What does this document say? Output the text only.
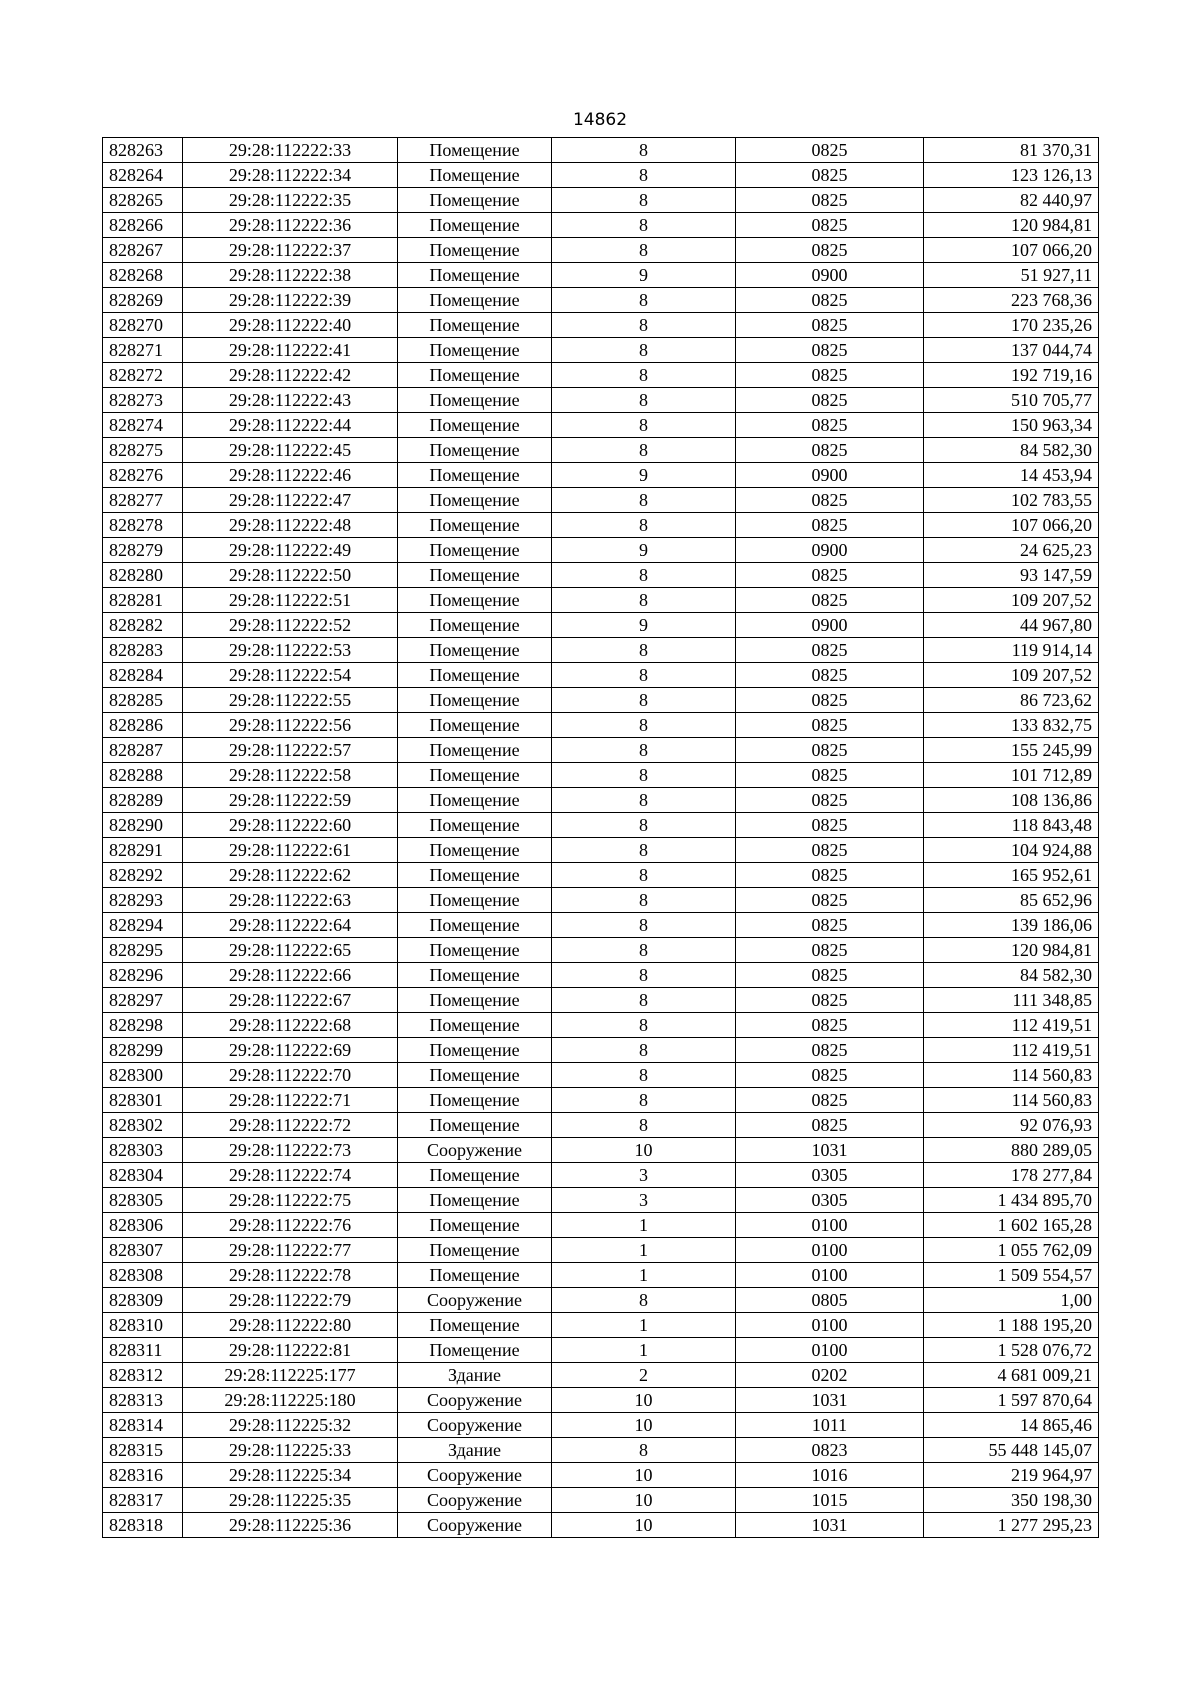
14862
828263	29:28:112222:33	Помещение	8	0825	81 370,31
828264	29:28:112222:34	Помещение	8	0825	123 126,13
828265	29:28:112222:35	Помещение	8	0825	82 440,97
828266	29:28:112222:36	Помещение	8	0825	120 984,81
828267	29:28:112222:37	Помещение	8	0825	107 066,20
828268	29:28:112222:38	Помещение	9	0900	51 927,11
828269	29:28:112222:39	Помещение	8	0825	223 768,36
828270	29:28:112222:40	Помещение	8	0825	170 235,26
828271	29:28:112222:41	Помещение	8	0825	137 044,74
828272	29:28:112222:42	Помещение	8	0825	192 719,16
828273	29:28:112222:43	Помещение	8	0825	510 705,77
828274	29:28:112222:44	Помещение	8	0825	150 963,34
828275	29:28:112222:45	Помещение	8	0825	84 582,30
828276	29:28:112222:46	Помещение	9	0900	14 453,94
828277	29:28:112222:47	Помещение	8	0825	102 783,55
828278	29:28:112222:48	Помещение	8	0825	107 066,20
828279	29:28:112222:49	Помещение	9	0900	24 625,23
828280	29:28:112222:50	Помещение	8	0825	93 147,59
828281	29:28:112222:51	Помещение	8	0825	109 207,52
828282	29:28:112222:52	Помещение	9	0900	44 967,80
828283	29:28:112222:53	Помещение	8	0825	119 914,14
828284	29:28:112222:54	Помещение	8	0825	109 207,52
828285	29:28:112222:55	Помещение	8	0825	86 723,62
828286	29:28:112222:56	Помещение	8	0825	133 832,75
828287	29:28:112222:57	Помещение	8	0825	155 245,99
828288	29:28:112222:58	Помещение	8	0825	101 712,89
828289	29:28:112222:59	Помещение	8	0825	108 136,86
828290	29:28:112222:60	Помещение	8	0825	118 843,48
828291	29:28:112222:61	Помещение	8	0825	104 924,88
828292	29:28:112222:62	Помещение	8	0825	165 952,61
828293	29:28:112222:63	Помещение	8	0825	85 652,96
828294	29:28:112222:64	Помещение	8	0825	139 186,06
828295	29:28:112222:65	Помещение	8	0825	120 984,81
828296	29:28:112222:66	Помещение	8	0825	84 582,30
828297	29:28:112222:67	Помещение	8	0825	111 348,85
828298	29:28:112222:68	Помещение	8	0825	112 419,51
828299	29:28:112222:69	Помещение	8	0825	112 419,51
828300	29:28:112222:70	Помещение	8	0825	114 560,83
828301	29:28:112222:71	Помещение	8	0825	114 560,83
828302	29:28:112222:72	Помещение	8	0825	92 076,93
828303	29:28:112222:73	Сооружение	10	1031	880 289,05
828304	29:28:112222:74	Помещение	3	0305	178 277,84
828305	29:28:112222:75	Помещение	3	0305	1 434 895,70
828306	29:28:112222:76	Помещение	1	0100	1 602 165,28
828307	29:28:112222:77	Помещение	1	0100	1 055 762,09
828308	29:28:112222:78	Помещение	1	0100	1 509 554,57
828309	29:28:112222:79	Сооружение	8	0805	1,00
828310	29:28:112222:80	Помещение	1	0100	1 188 195,20
828311	29:28:112222:81	Помещение	1	0100	1 528 076,72
828312	29:28:112225:177	Здание	2	0202	4 681 009,21
828313	29:28:112225:180	Сооружение	10	1031	1 597 870,64
828314	29:28:112225:32	Сооружение	10	1011	14 865,46
828315	29:28:112225:33	Здание	8	0823	55 448 145,07
828316	29:28:112225:34	Сооружение	10	1016	219 964,97
828317	29:28:112225:35	Сооружение	10	1015	350 198,30
828318	29:28:112225:36	Сооружение	10	1031	1 277 295,23
